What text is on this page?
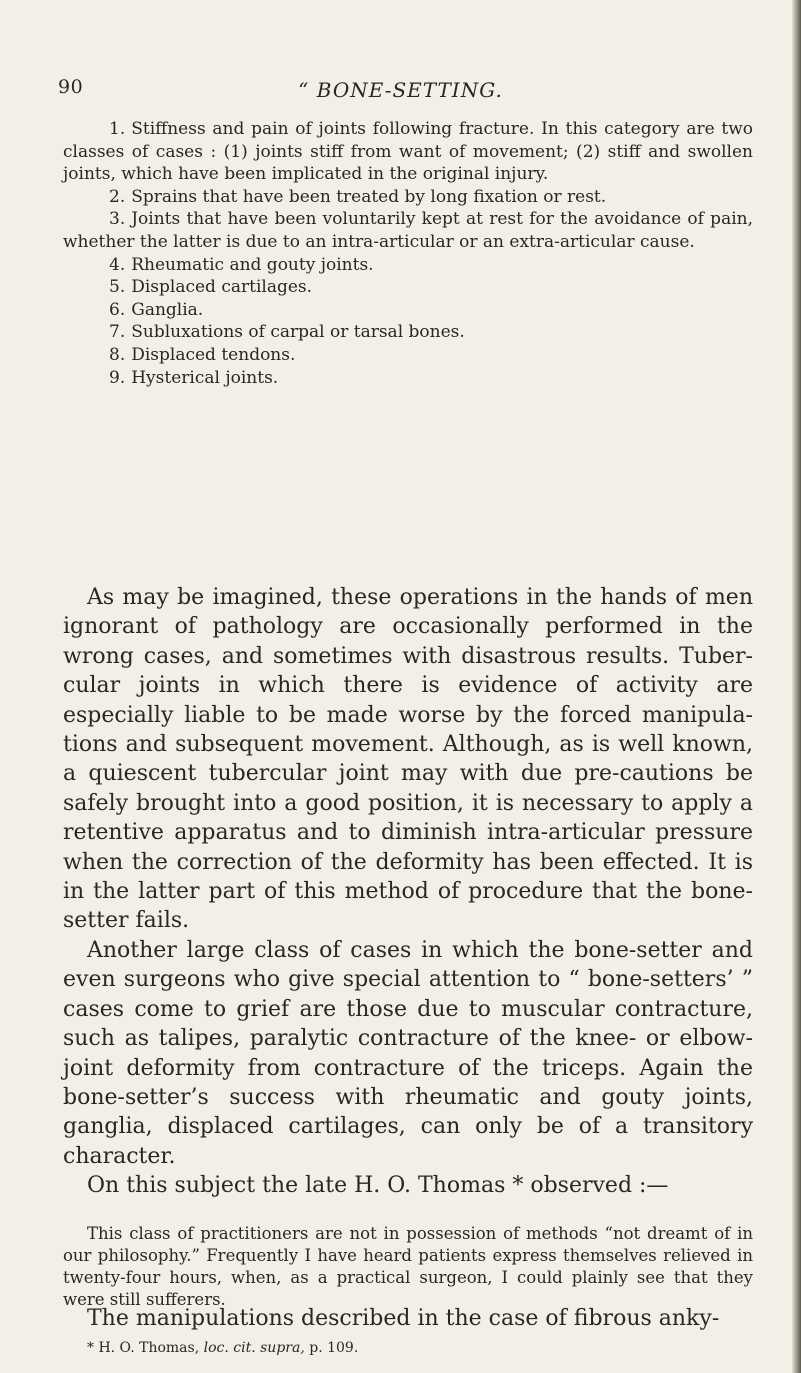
90	“ BONE-SETTING.

1. Stiffness and pain of joints following fracture. In this category are two classes of cases : (1) joints stiff from want of movement; (2) stiff and swollen joints, which have been implicated in the original injury.

2. Sprains that have been treated by long fixation or rest.

3. Joints that have been voluntarily kept at rest for the avoidance of pain, whether the latter is due to an intra-articular or an extra-articular cause.

4. Rheumatic and gouty joints.

5. Displaced cartilages.

6. Ganglia.

7. Subluxations of carpal or tarsal bones.

8. Displaced tendons.

9. Hysterical joints.

As may be imagined, these operations in the hands of men ignorant of pathology are occasionally performed in the wrong cases, and sometimes with disastrous results. Tuber-cular joints in which there is evidence of activity are especially liable to be made worse by the forced manipula-tions and subsequent movement. Although, as is well known, a quiescent tubercular joint may with due pre-cautions be safely brought into a good position, it is necessary to apply a retentive apparatus and to diminish intra-articular pressure when the correction of the deformity has been effected. It is in the latter part of this method of procedure that the bone-setter fails.

Another large class of cases in which the bone-setter and even surgeons who give special attention to “ bone-setters’ ” cases come to grief are those due to muscular contracture, such as talipes, paralytic contracture of the knee- or elbow-joint deformity from contracture of the triceps. Again the bone-setter’s success with rheumatic and gouty joints, ganglia, displaced cartilages, can only be of a transitory character.

On this subject the late H. O. Thomas * observed :—

This class of practitioners are not in possession of methods “not dreamt of in our philosophy.” Frequently I have heard patients express themselves relieved in twenty-four hours, when, as a practical surgeon, I could plainly see that they were still sufferers.

The manipulations described in the case of fibrous anky-
* H. O. Thomas, loc. cit. supra, p. 109.
